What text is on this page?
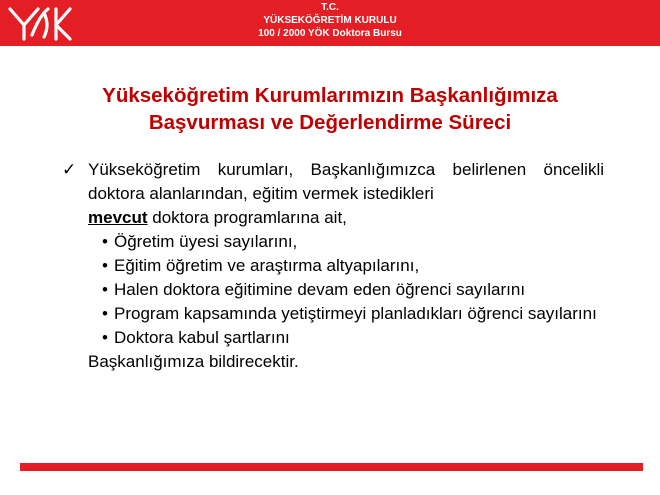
T.C.
YÜKSEKÖĞRETİM KURULU
100 / 2000 YÖK Doktora Bursu
Yükseköğretim Kurumlarımızın Başkanlığımıza
Başvurması ve Değerlendirme Süreci
✓ Yükseköğretim kurumları, Başkanlığımızca belirlenen öncelikli doktora alanlarından, eğitim vermek istedikleri
mevcut doktora programlarına ait,
• Öğretim üyesi sayılarını,
• Eğitim öğretim ve araştırma altyapılarını,
• Halen doktora eğitimine devam eden öğrenci sayılarını
• Program kapsamında yetiştirmeyi planladıkları öğrenci sayılarını
• Doktora kabul şartlarını
Başkanlığımıza bildirecektir.
